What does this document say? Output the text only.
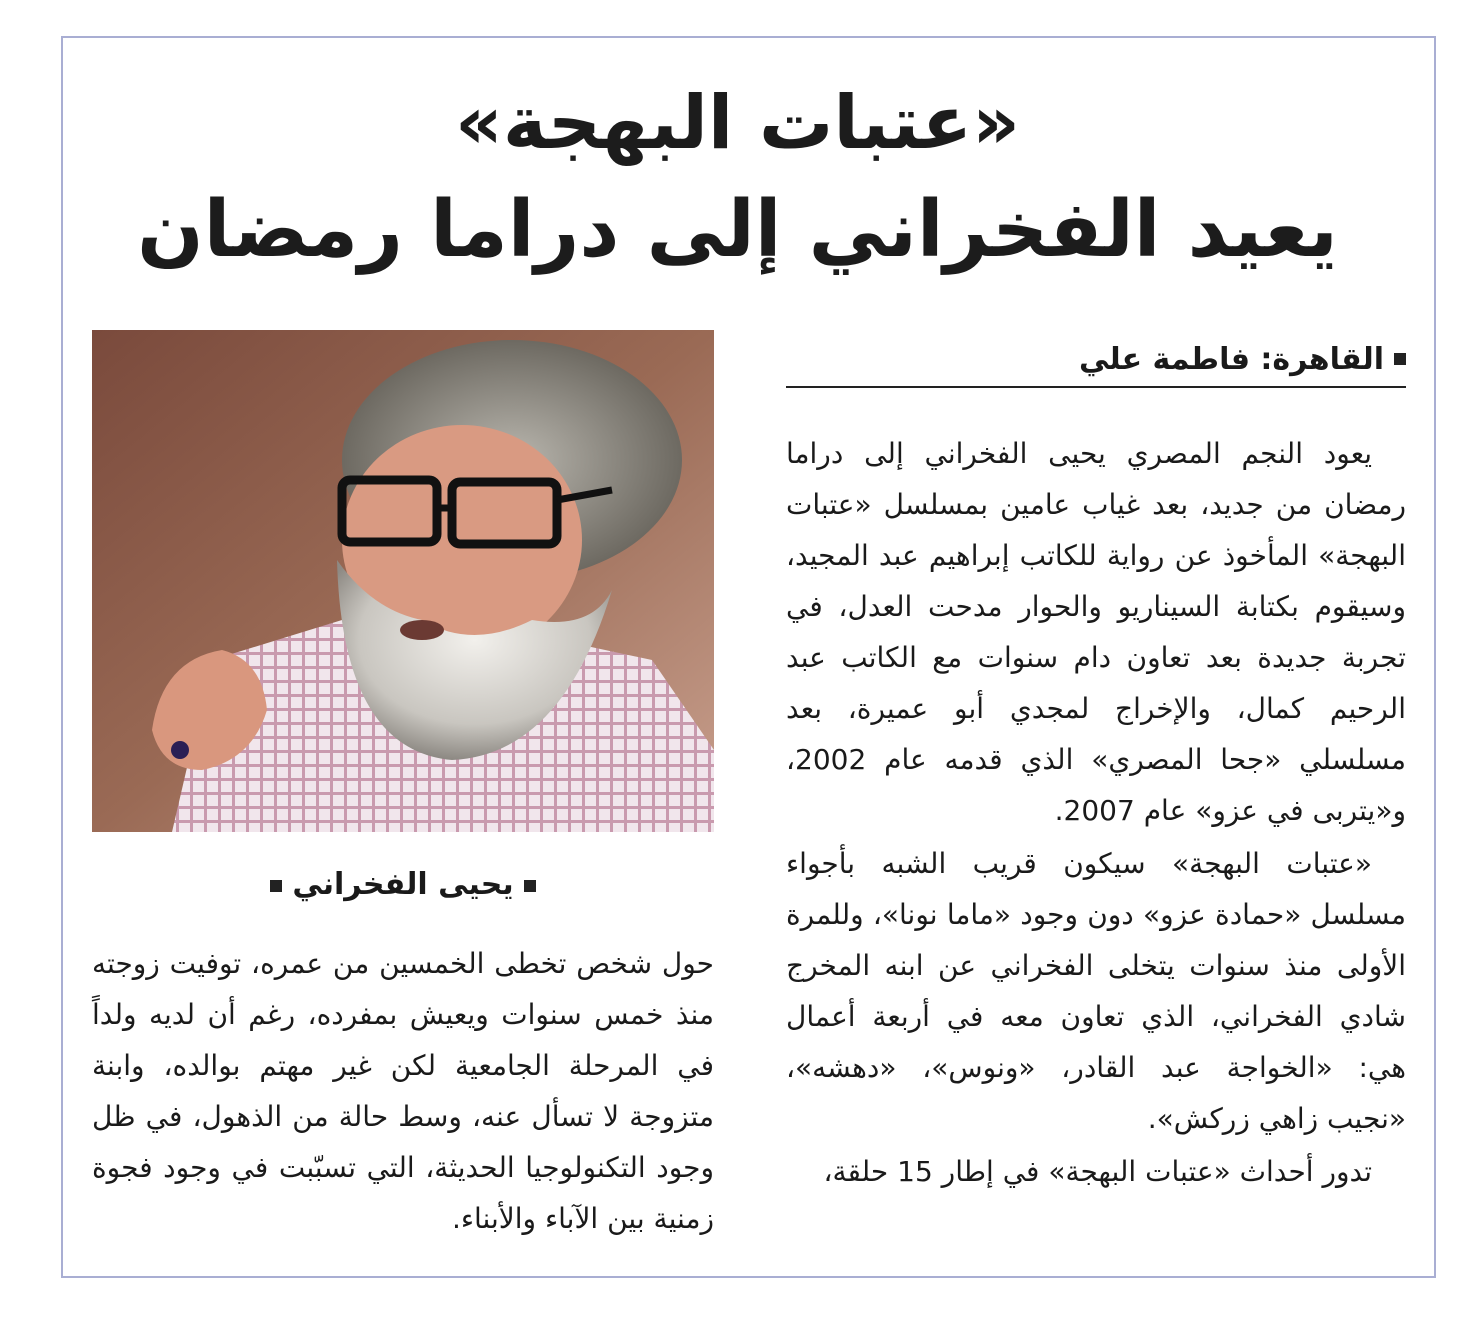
«عتبات البهجة»
يعيد الفخراني إلى دراما رمضان
القاهرة: فاطمة علي

يعود النجم المصري يحيى الفخراني إلى دراما رمضان من جديد، بعد غياب عامين بمسلسل «عتبات البهجة» المأخوذ عن رواية للكاتب إبراهيم عبد المجيد، وسيقوم بكتابة السيناريو والحوار مدحت العدل، في تجربة جديدة بعد تعاون دام سنوات مع الكاتب عبد الرحيم كمال، والإخراج لمجدي أبو عميرة، بعد مسلسلي «جحا المصري» الذي قدمه عام 2002، و«يتربى في عزو» عام 2007.

«عتبات البهجة» سيكون قريب الشبه بأجواء مسلسل «حمادة عزو» دون وجود «ماما نونا»، وللمرة الأولى منذ سنوات يتخلى الفخراني عن ابنه المخرج شادي الفخراني، الذي تعاون معه في أربعة أعمال هي: «الخواجة عبد القادر، «ونوس»، «دهشه»، «نجيب زاهي زركش».

تدور أحداث «عتبات البهجة» في إطار 15 حلقة،

يحيى الفخراني

حول شخص تخطى الخمسين من عمره، توفيت زوجته منذ خمس سنوات ويعيش بمفرده، رغم أن لديه ولداً في المرحلة الجامعية لكن غير مهتم بوالده، وابنة متزوجة لا تسأل عنه، وسط حالة من الذهول، في ظل وجود التكنولوجيا الحديثة، التي تسبّبت في وجود فجوة زمنية بين الآباء والأبناء.
